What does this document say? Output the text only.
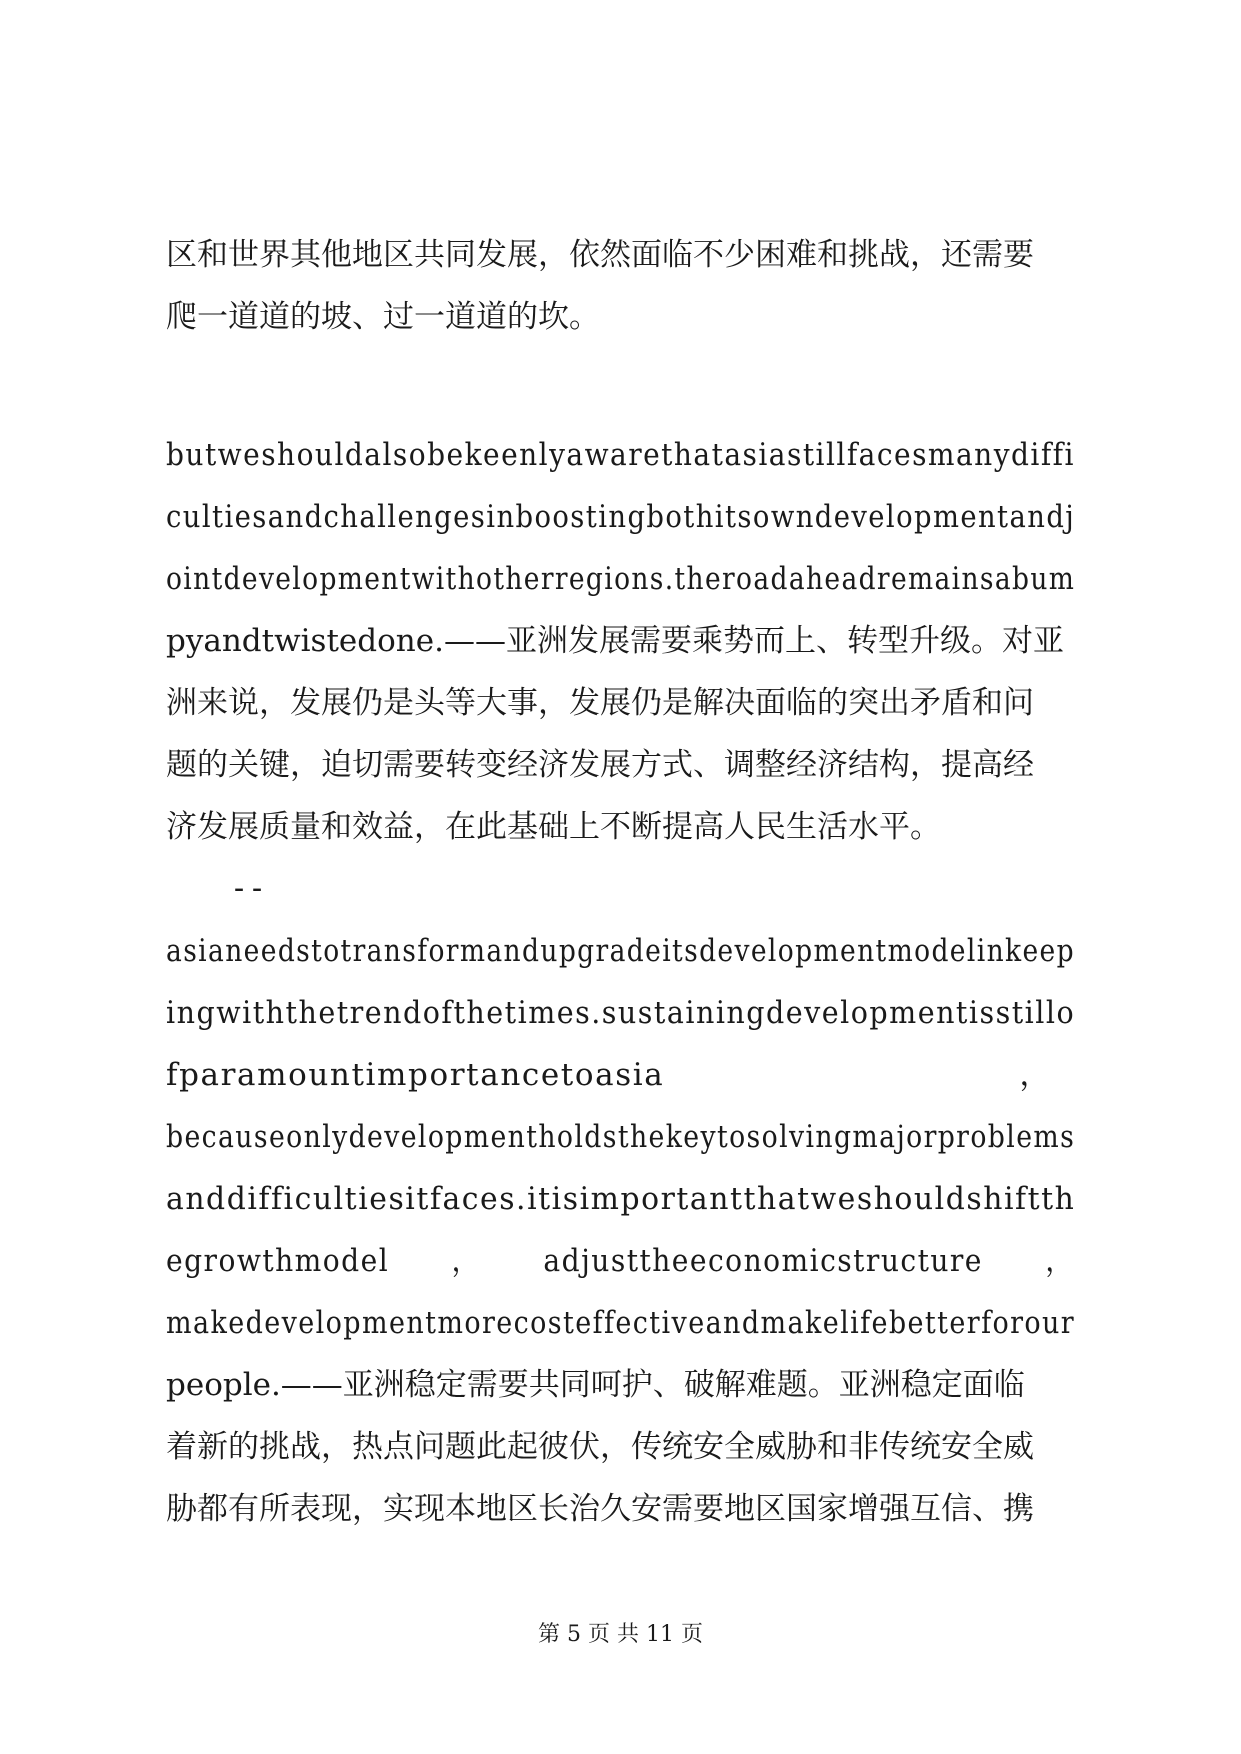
区和世界其他地区共同发展，依然面临不少困难和挑战，还需要
爬一道道的坡、过一道道的坎。
butweshouldalsobekeenlyawarethatasiastillfacesmanydiffi
cultiesandchallengesinboostingbothitsowndevelopmentandj
ointdevelopmentwithotherregions.theroadaheadremainsabum
pyandtwistedone.——亚洲发展需要乘势而上、转型升级。对亚
洲来说，发展仍是头等大事，发展仍是解决面临的突出矛盾和问
题的关键，迫切需要转变经济发展方式、调整经济结构，提高经
济发展质量和效益，在此基础上不断提高人民生活水平。
--
asianeedstotransformandupgradeitsdevelopmentmodelinkeep
ingwiththetrendofthetimes.sustainingdevelopmentisstillo
fparamountimportancetoasia                               ，
becauseonlydevelopmentholdsthekeytosolvingmajorproblems
anddifficultiesitfaces.itisimportantthatweshouldshiftth
egrowthmodel      ，      adjusttheeconomicstructure      ，
makedevelopmentmorecosteffectiveandmakelifebetterforour
people.——亚洲稳定需要共同呵护、破解难题。亚洲稳定面临
着新的挑战，热点问题此起彼伏，传统安全威胁和非传统安全威
胁都有所表现，实现本地区长治久安需要地区国家增强互信、携
第 5 页 共 11 页
